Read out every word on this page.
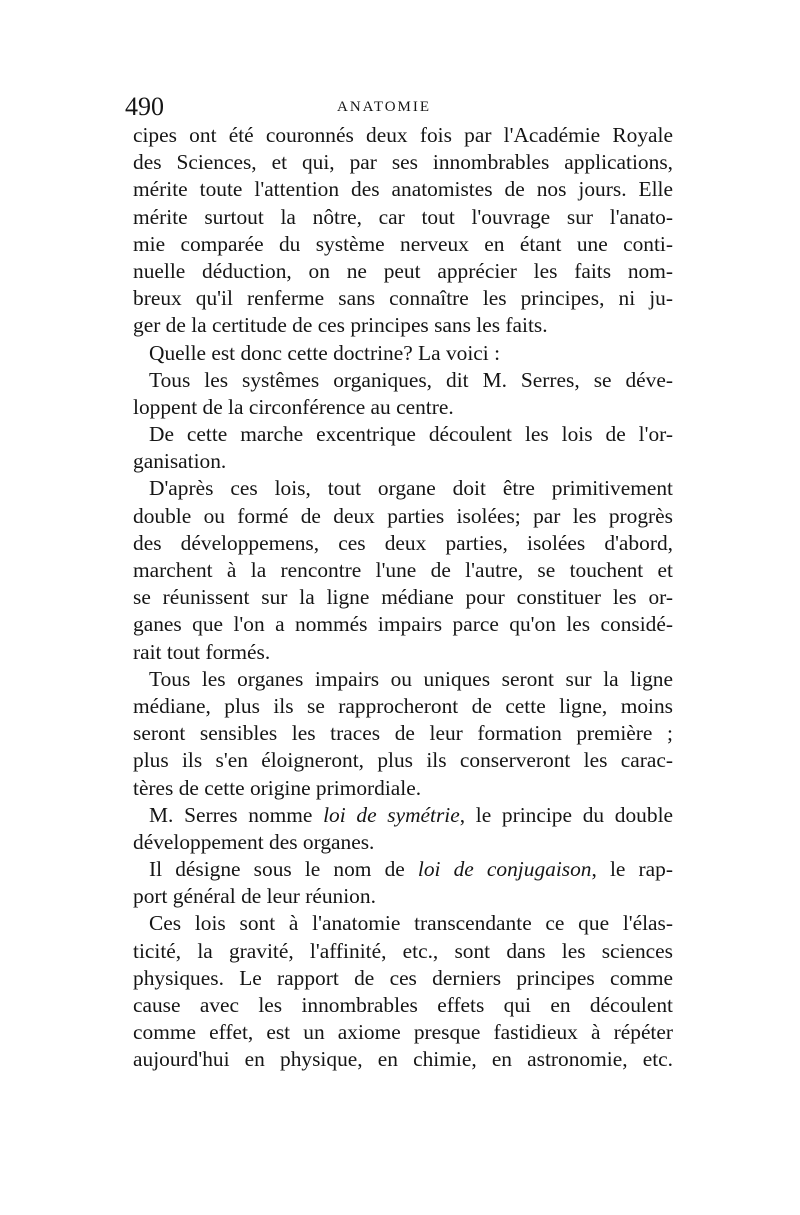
490	ANATOMIE
cipes ont été couronnés deux fois par l'Académie Royale
des Sciences, et qui, par ses innombrables applications,
mérite toute l'attention des anatomistes de nos jours. Elle
mérite surtout la nôtre, car tout l'ouvrage sur l'anato-
mie comparée du système nerveux en étant une conti-
nuelle déduction, on ne peut apprécier les faits nom-
breux qu'il renferme sans connaître les principes, ni ju-
ger de la certitude de ces principes sans les faits.
Quelle est donc cette doctrine? La voici :
Tous les systêmes organiques, dit M. Serres, se déve-
loppent de la circonférence au centre.
De cette marche excentrique découlent les lois de l'or-
ganisation.
D'après ces lois, tout organe doit être primitivement
double ou formé de deux parties isolées; par les progrès
des développemens, ces deux parties, isolées d'abord,
marchent à la rencontre l'une de l'autre, se touchent et
se réunissent sur la ligne médiane pour constituer les or-
ganes que l'on a nommés impairs parce qu'on les considé-
rait tout formés.
Tous les organes impairs ou uniques seront sur la ligne
médiane, plus ils se rapprocheront de cette ligne, moins
seront sensibles les traces de leur formation première ;
plus ils s'en éloigneront, plus ils conserveront les carac-
tères de cette origine primordiale.
M. Serres nomme loi de symétrie, le principe du double
développement des organes.
Il désigne sous le nom de loi de conjugaison, le rap-
port général de leur réunion.
Ces lois sont à l'anatomie transcendante ce que l'élas-
ticité, la gravité, l'affinité, etc., sont dans les sciences
physiques. Le rapport de ces derniers principes comme
cause avec les innombrables effets qui en découlent
comme effet, est un axiome presque fastidieux à répéter
aujourd'hui en physique, en chimie, en astronomie, etc.
